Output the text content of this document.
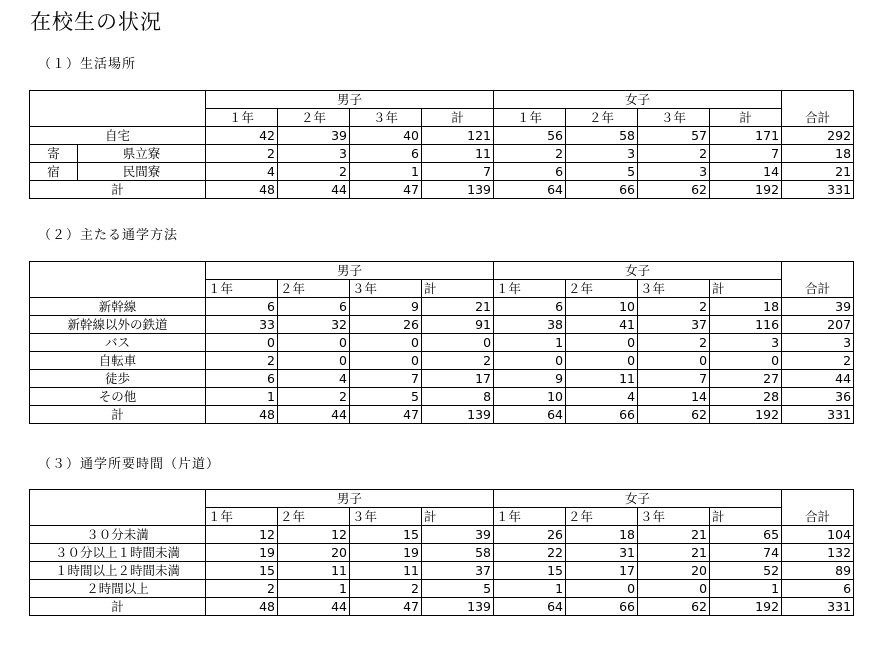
在校生の状況
（１）生活場所
		男子				女子				合計
		１年	２年	３年	計	１年	２年	３年	計	
自宅		42	39	40	121	56	58	57	171	292
寄	県立寮	2	3	6	11	2	3	2	7	18
宿	民間寮	4	2	1	7	6	5	3	14	21
計		48	44	47	139	64	66	62	192	331
（２）主たる通学方法
	男子				女子				合計
	１年	２年	３年	計	１年	２年	３年	計	
新幹線	6	6	9	21	6	10	2	18	39
新幹線以外の鉄道	33	32	26	91	38	41	37	116	207
バス	0	0	0	0	1	0	2	3	3
自転車	2	0	0	2	0	0	0	0	2
徒歩	6	4	7	17	9	11	7	27	44
その他	1	2	5	8	10	4	14	28	36
計	48	44	47	139	64	66	62	192	331
（３）通学所要時間（片道）
	男子				女子				合計
	１年	２年	３年	計	１年	２年	３年	計	
３０分未満	12	12	15	39	26	18	21	65	104
３０分以上１時間未満	19	20	19	58	22	31	21	74	132
１時間以上２時間未満	15	11	11	37	15	17	20	52	89
２時間以上	2	1	2	5	1	0	0	1	6
計	48	44	47	139	64	66	62	192	331
